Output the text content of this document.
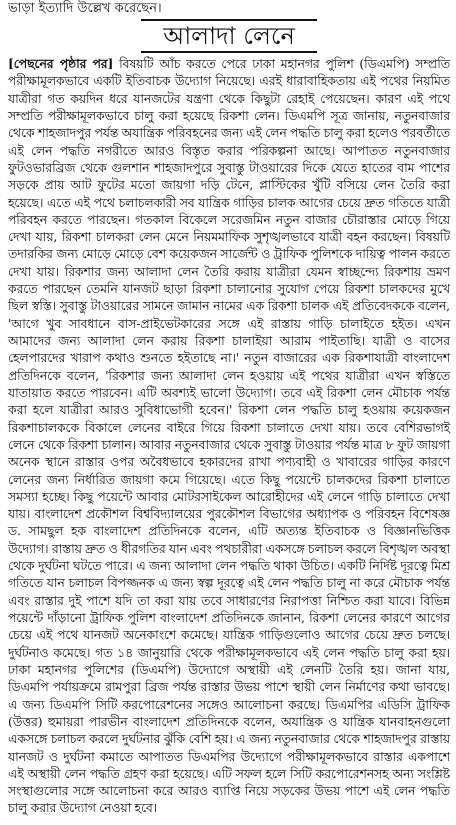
ভাড়া ইত্যাদি উল্লেখ করেছেন।

আলাদা লেনে

[পেছনের পৃষ্ঠার পর] বিষয়টি আঁচ করতে পেরে ঢাকা মহানগর পুলিশ (ডিএমপি) সম্প্রতি পরীক্ষামূলকভাবে একটি ইতিবাচক উদ্যোগ নিয়েছে। এরই ধারাবাহিকতায় এই পথের নিয়মিত যাত্রীরা গত কয়দিন ধরে যানজটের যন্ত্রণা থেকে কিছুটা রেহাই পেয়েছেন। কারণ এই পথে সম্প্রতি পরীক্ষামূলকভাবে চালু করা হয়েছে রিকশা লেন। ডিএমপি সূত্র জানায়, নতুনবাজার থেকে শাহজাদপুর পর্যন্ত অযান্ত্রিক পরিবহনের জন্য এই লেন পদ্ধতি চালু করা হলেও পরবর্তীতে এই লেন পদ্ধতি নগরীতে আরও বিস্তৃত করার পরিকল্পনা আছে। আপাতত নতুনবাজার ফুটওভারব্রিজ থেকে গুলশান শাহজাদপুরে সুবাস্তু টাওয়ারের দিকে যেতে হাতের বাম পাশের সড়কে প্রায় আট ফুটের মতো জায়গা দড়ি টেনে, প্লাস্টিকের খুঁটি বসিয়ে লেন তৈরি করা হয়েছে। এতে এই পথে চলাচলকারী সব যান্ত্রিক গাড়ির চালক আগের চেয়ে দ্রুত গতিতে যাত্রী পরিবহন করতে পারছেন। গতকাল বিকেলে সরেজমিন নতুন বাজার চৌরাস্তার মোড়ে গিয়ে দেখা যায়, রিকশা চালকরা লেন মেনে নিয়মমাফিক সুশৃঙ্খলভাবে যাত্রী বহন করছেন। বিষয়টি তদারকির জন্য মোড়ে মোড়ে বেশ কয়েকজন সার্জেন্ট ও ট্রাফিক পুলিশকে দায়িত্ব পালন করতে দেখা যায়। রিকশার জন্য আলাদা লেন তৈরি করায় যাত্রীরা যেমন স্বাচ্ছন্দ্যে রিকশায় ভ্রমণ করতে পারছেন তেমনি যানজট ছাড়া রিকশা চালানোর সুযোগ পেয়ে রিকশা চালকদের মুখে ছিল স্বস্তি। সুবাস্তু টাওয়ারের সামনে জামান নামের এক রিকশা চালক এই প্রতিবেদককে বলেন, 'আগে খুব সাবধানে বাস-প্রাইভেটকারের সঙ্গে এই রাস্তায় গাড়ি চালাইতে হইত। এখন আমাদের জন্য আলাদা লেন করায় রিকশা চালাইয়া আরাম পাইতাছি। যাত্রী ও বাসের হেলপারদের খারাপ কথাও শুনতে হইতাছে না।' নতুন বাজারের এক রিকশাযাত্রী বাংলাদেশ প্রতিদিনকে বলেন, 'রিকশার জন্য আলাদা লেন হওয়ায় এই পথের যাত্রীরা এখন স্বস্তিতে যাতায়াত করতে পারবেন। এটি অবশ্যই ভালো উদ্যোগ। তবে এই রিকশা লেন মৌচাক পর্যন্ত করা হলে যাত্রীরা আরও সুবিধাভোগী হবেন।' রিকশা লেন পদ্ধতি চালু হওয়ায় কয়েকজন রিকশাচালককে বিকালে লেনের বাইরে গিয়ে রিকশা চালাতে দেখা যায়। তবে বেশিরভাগই লেনে থেকে রিকশা চালান। আবার নতুনবাজার থেকে সুবাস্তু টাওয়ার পর্যন্ত মাত্র ৮ ফুট জায়গা অনেক স্থানে রাস্তার ওপর অবৈধভাবে হকারদের রাখা পণ্যবাহী ও খাবারের গাড়ির কারণে লেনের জন্য নির্ধারিত জায়গা কমে গিয়েছে। এতে কিছু পয়েন্টে চালকদের রিকশা চালাতে সমস্যা হচ্ছে। কিছু পয়েন্টে আবার মোটরসাইকেল আরোহীদের এই লেনে গাড়ি চালাতে দেখা যায়। বাংলাদেশ প্রকৌশল বিশ্ববিদ্যালয়ের পুরকৌশল বিভাগের অধ্যাপক ও পরিবহন বিশেষজ্ঞ ড. সামছুল হক বাংলাদেশ প্রতিদিনকে বলেন, এটি অত্যন্ত ইতিবাচক ও বিজ্ঞানভিত্তিক উদ্যোগ। রাস্তায় দ্রুত ও ধীরগতির যান এবং পথচারীরা একসঙ্গে চলাচল করলে বিশৃঙ্খল অবস্থা থেকে দুর্ঘটনা ঘটতে পারে। এ জন্য আলাদা লেন পদ্ধতি থাকা উচিত। একটি নির্দিষ্ট দূরত্বে মিশ্র গতিতে যান চলাচল বিপজ্জনক এ জন্য স্বল্প দূরত্বে এই লেন পদ্ধতি চালু না করে মৌচাক পর্যন্ত এবং রাস্তার দুই পাশে যদি তা করা যায় তবে সাধারণের নিরাপত্তা নিশ্চিত করা যাবে। বিভিন্ন পয়েন্টে দাঁড়ানো ট্রাফিক পুলিশ বাংলাদেশ প্রতিদিনকে জানান, রিকশা লেনের কারণে আগের চেয়ে এই পথে যানজট অনেকাংশে কমেছে। যান্ত্রিক গাড়িগুলোও আগের চেয়ে দ্রুত চলছে। দুর্ঘটনাও কমেছে। গত ১৪ জানুয়ারি থেকে পরীক্ষামূলকভাবে এই লেন পদ্ধতি চালু করা হয়। ঢাকা মহানগর পুলিশের (ডিএমপি) উদ্যোগে অস্থায়ী এই লেনটি তৈরি হয়। জানা যায়, ডিএমপি পর্যায়ক্রমে রামপুরা ব্রিজ পর্যন্ত রাস্তার উভয় পাশে স্থায়ী লেন নির্মাণের কথা ভাবছে। এ জন্য ডিএমপি সিটি করপোরেশনের সঙ্গেও আলোচনা করছে। ডিএমপির এডিসি ট্রাফিক (উত্তর) হুমায়রা পারভীন বাংলাদেশ প্রতিদিনকে বলেন, অযান্ত্রিক ও যান্ত্রিক যানবাহনগুলো একসঙ্গে চলাচল করলে দুর্ঘটনার ঝুঁকি বেশি হয়। এ জন্য নতুনবাজার থেকে শাহজাদপুর রাস্তায় যানজট ও দুর্ঘটনা কমাতে আপাতত ডিএমপির উদ্যোগে পরীক্ষামূলকভাবে রাস্তার একপাশে এই অস্থায়ী লেন পদ্ধতি গ্রহণ করা হয়েছে। এটি সফল হলে সিটি করপোরেশনসহ অন্য সংশ্লিষ্ট সংস্থাগুলোর সঙ্গে আলোচনা করে আরও ব্যাপ্তি নিয়ে সড়কের উভয় পাশে এই লেন পদ্ধতি চালু করার উদ্যোগ নেওয়া হবে।
